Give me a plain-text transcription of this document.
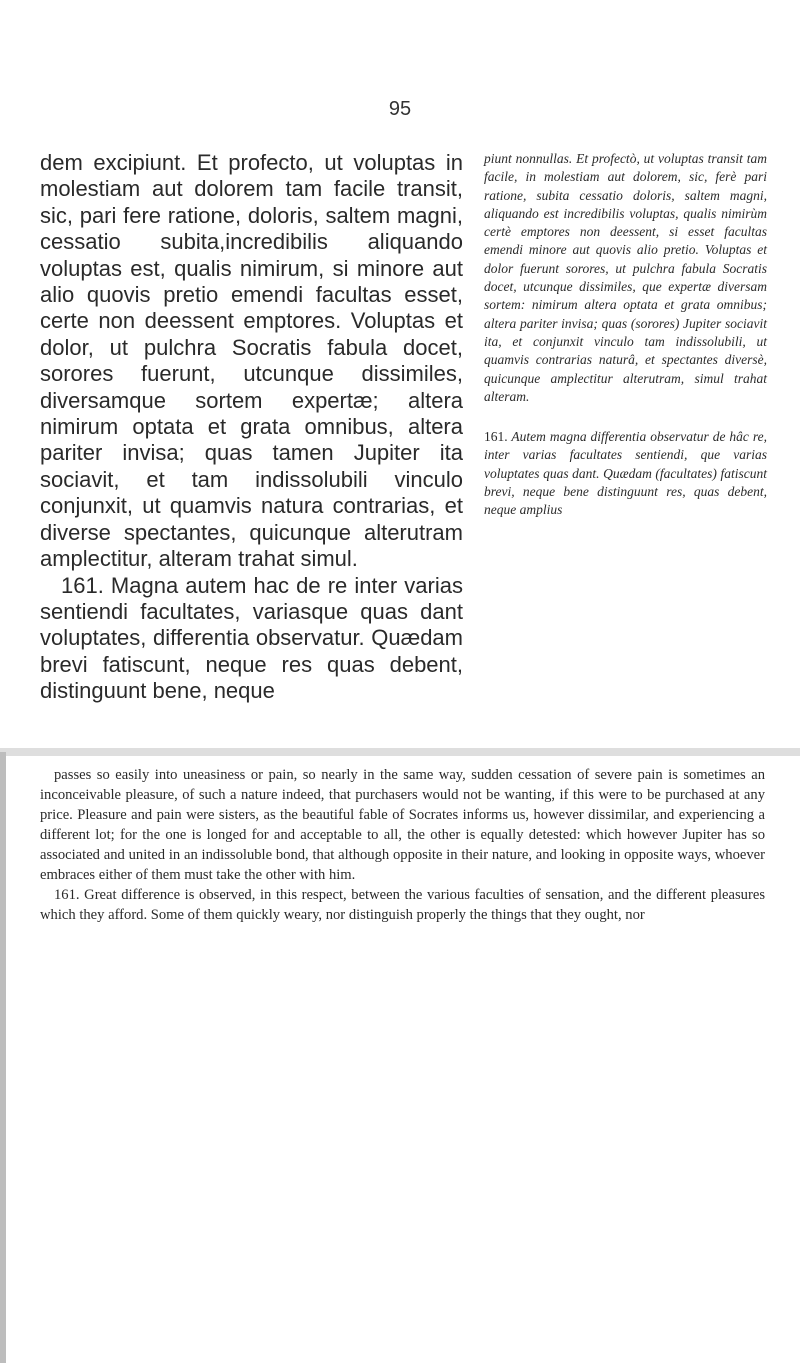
95

dem excipiunt. Et profecto, ut voluptas in molestiam aut dolorem tam facile transit, sic, pari fere ratione, doloris, saltem magni, cessatio subita,incredibilis aliquando voluptas est, qualis nimirum, si minore aut alio quovis pretio emendi facultas esset, certe non deessent emptores. Voluptas et dolor, ut pulchra Socratis fabula docet, sorores fuerunt, utcunque dissimiles, diversamque sortem expertæ; altera nimirum optata et grata omnibus, altera pariter invisa; quas tamen Jupiter ita sociavit, et tam indissolubili vinculo conjunxit, ut quamvis natura contrarias, et diverse spectantes, quicunque alterutram amplectitur, alteram trahat simul.

161. Magna autem hac de re inter varias sentiendi facultates, variasque quas dant voluptates, differentia observatur. Quædam brevi fatiscunt, neque res quas debent, distinguunt bene, neque

piunt nonnullas. Et profectò, ut voluptas transit tam facile, in molestiam aut dolorem, sic, ferè pari ratione, subita cessatio doloris, saltem magni, aliquando est incredibilis voluptas, qualis nimirùm certè emptores non deessent, si esset facultas emendi minore aut quovis alio pretio. Voluptas et dolor fuerunt sorores, ut pulchra fabula Socratis docet, utcunque dissimiles, que expertæ diversam sortem: nimirum altera optata et grata omnibus; altera pariter invisa; quas (sorores) Jupiter sociavit ita, et conjunxit vinculo tam indissolubili, ut quamvis contrarias naturâ, et spectantes diversè, quicunque amplectitur alterutram, simul trahat alteram.

161. Autem magna differentia observatur de hâc re, inter varias facultates sentiendi, que varias voluptates quas dant. Quædam (facultates) fatiscunt brevi, neque bene distinguunt res, quas debent, neque amplius

passes so easily into uneasiness or pain, so nearly in the same way, sudden cessation of severe pain is sometimes an inconceivable pleasure, of such a nature indeed, that purchasers would not be wanting, if this were to be purchased at any price. Pleasure and pain were sisters, as the beautiful fable of Socrates informs us, however dissimilar, and experiencing a different lot; for the one is longed for and acceptable to all, the other is equally detested: which however Jupiter has so associated and united in an indissoluble bond, that although opposite in their nature, and looking in opposite ways, whoever embraces either of them must take the other with him.

161. Great difference is observed, in this respect, between the various faculties of sensation, and the different pleasures which they afford. Some of them quickly weary, nor distinguish properly the things that they ought, nor
